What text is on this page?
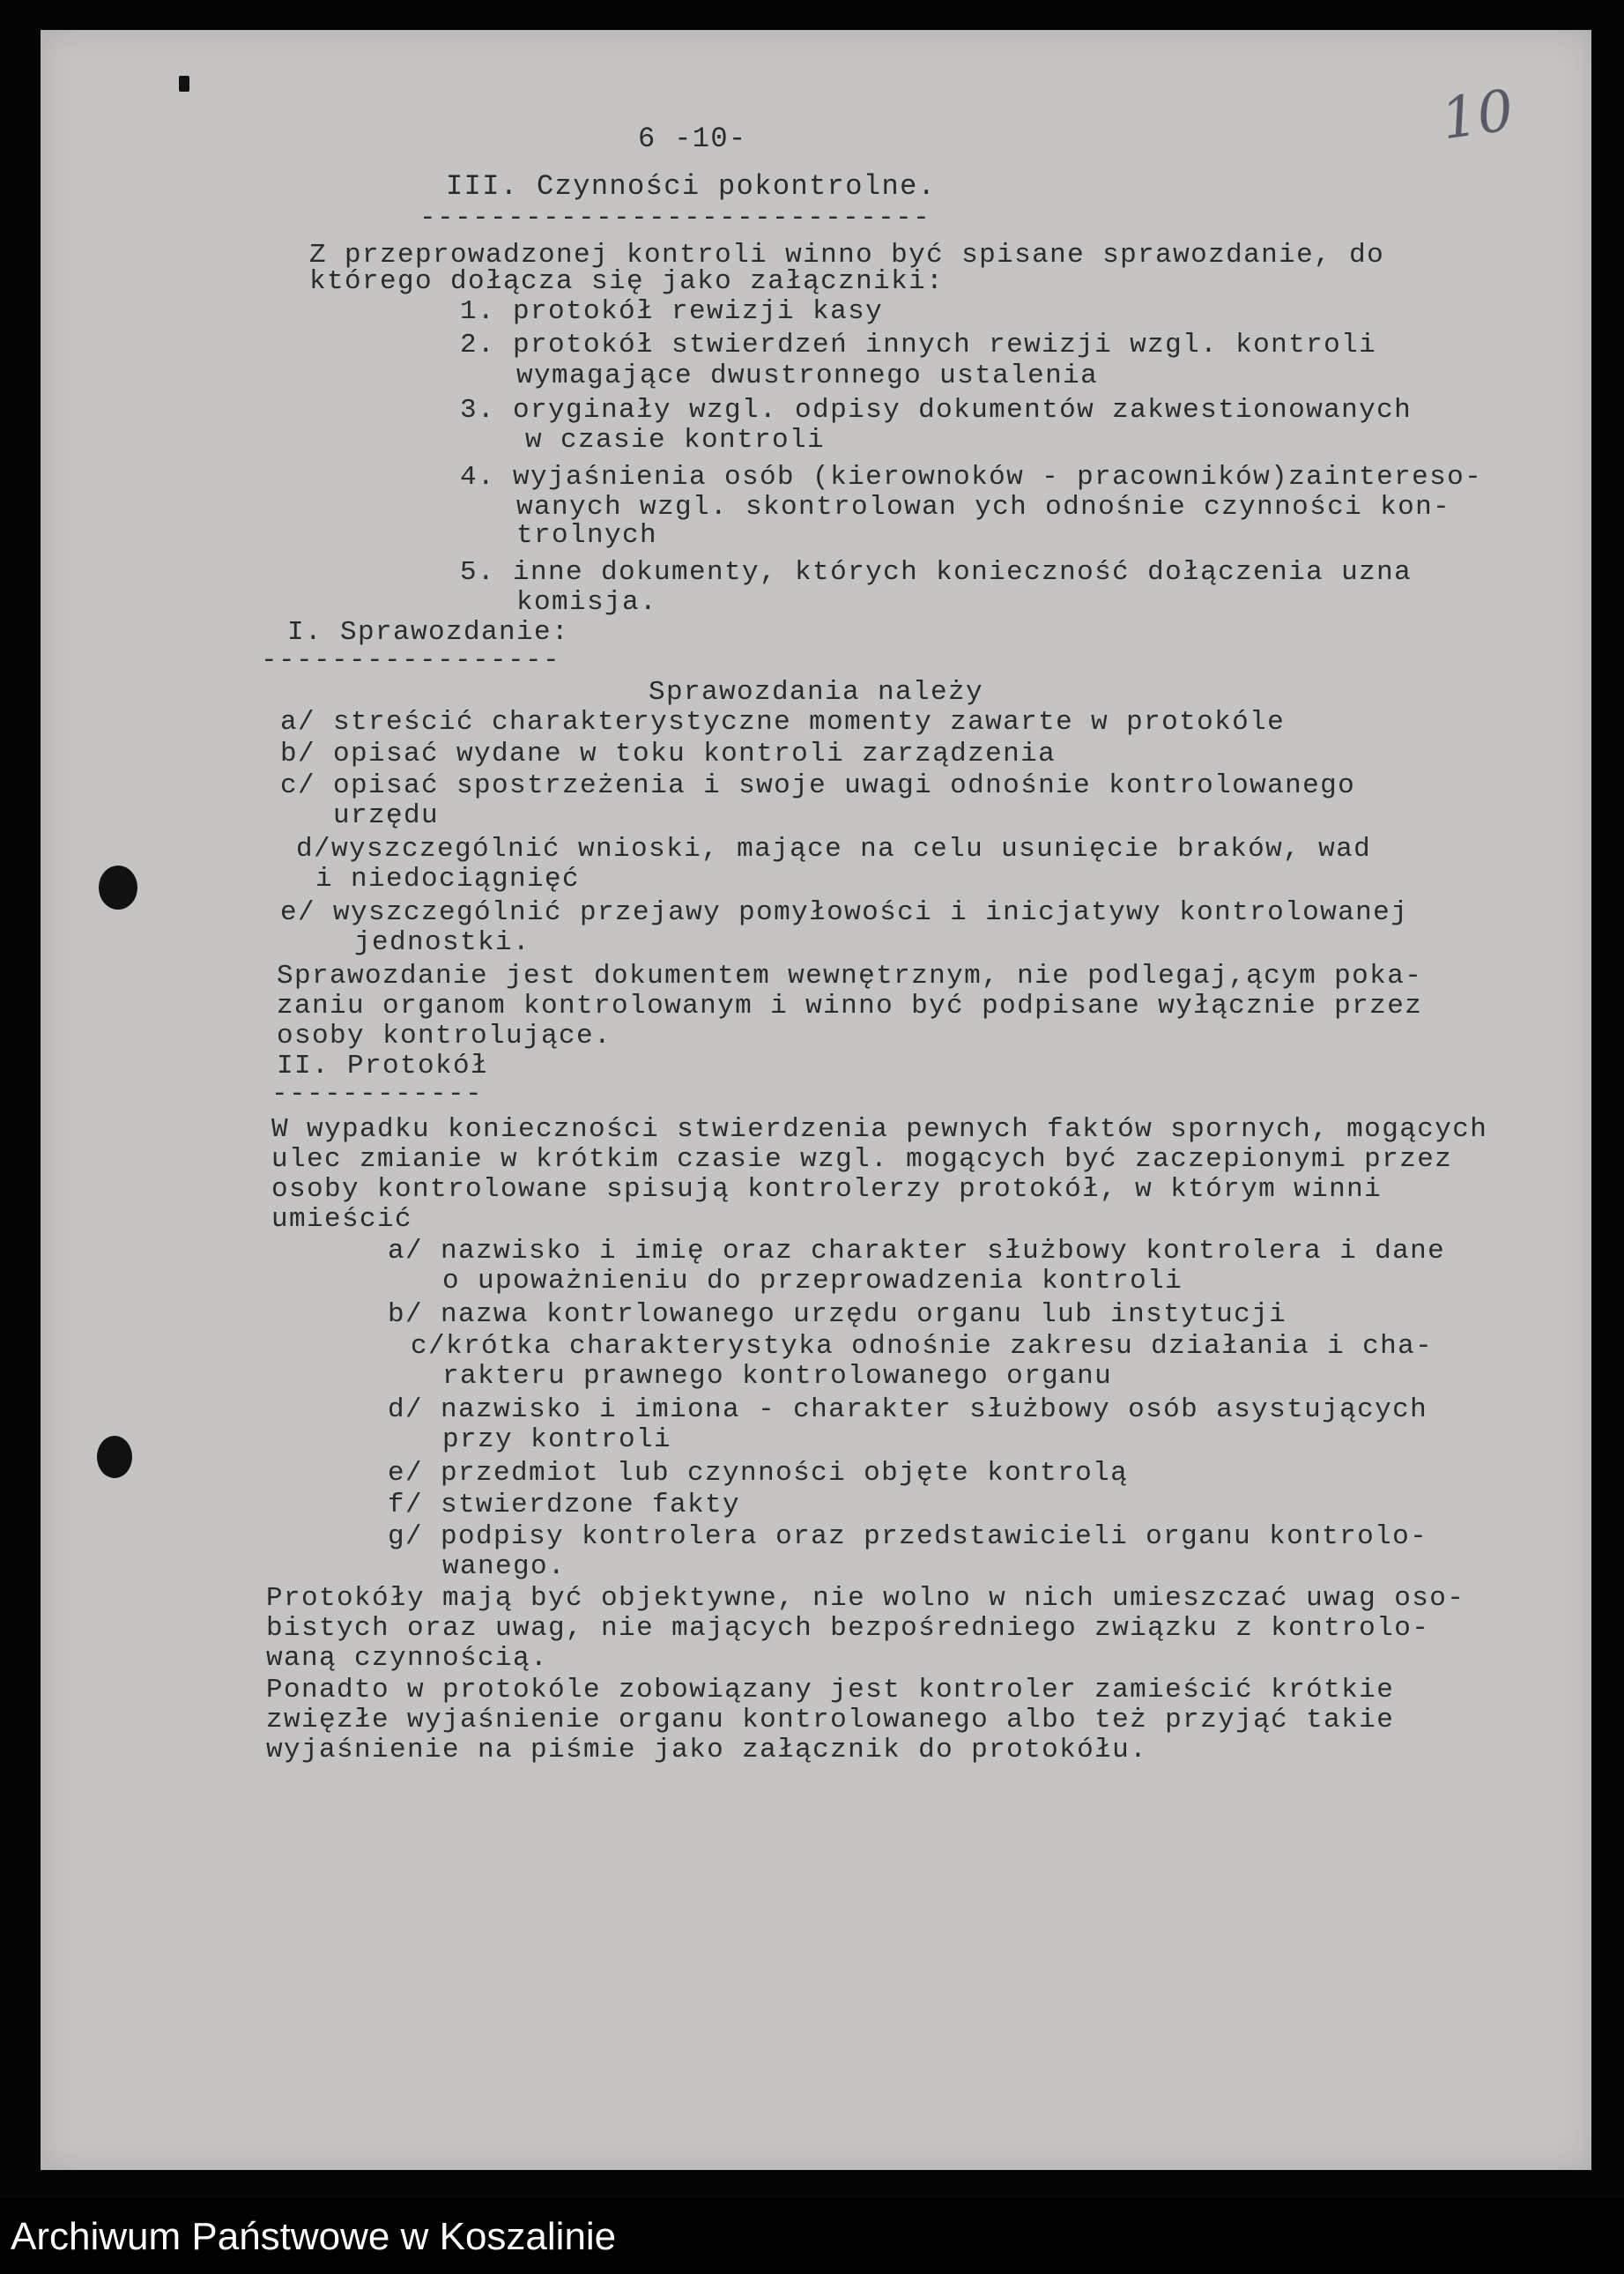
10
6 -10-
III. Czynności pokontrolne.
-----------------------------
Z przeprowadzonej kontroli winno być spisane sprawozdanie, do
którego dołącza się jako załączniki:
1. protokół rewizji kasy
2. protokół stwierdzeń innych rewizji wzgl. kontroli
wymagające dwustronnego ustalenia
3. oryginały wzgl. odpisy dokumentów zakwestionowanych
w czasie kontroli
4. wyjaśnienia osób (kierownoków - pracowników)zaintereso-
wanych wzgl. skontrolowan ych odnośnie czynności kon-
trolnych
5. inne dokumenty, których konieczność dołączenia uzna
komisja.
I. Sprawozdanie:
-----------------
Sprawozdania należy
a/ streścić charakterystyczne momenty zawarte w protokóle
b/ opisać wydane w toku kontroli zarządzenia
c/ opisać spostrzeżenia i swoje uwagi odnośnie kontrolowanego
urzędu
d/wyszczególnić wnioski, mające na celu usunięcie braków, wad
i niedociągnięć
e/ wyszczególnić przejawy pomyłowości i inicjatywy kontrolowanej
jednostki.
Sprawozdanie jest dokumentem wewnętrznym, nie podlegaj,ącym poka-
zaniu organom kontrolowanym i winno być podpisane wyłącznie przez
osoby kontrolujące.
II. Protokół
------------
W wypadku konieczności stwierdzenia pewnych faktów spornych, mogących
ulec zmianie w krótkim czasie wzgl. mogących być zaczepionymi przez
osoby kontrolowane spisują kontrolerzy protokół, w którym winni
umieścić
a/ nazwisko i imię oraz charakter służbowy kontrolera i dane
o upoważnieniu do przeprowadzenia kontroli
b/ nazwa kontrlowanego urzędu organu lub instytucji
c/krótka charakterystyka odnośnie zakresu działania i cha-
rakteru prawnego kontrolowanego organu
d/ nazwisko i imiona - charakter służbowy osób asystujących
przy kontroli
e/ przedmiot lub czynności objęte kontrolą
f/ stwierdzone fakty
g/ podpisy kontrolera oraz przedstawicieli organu kontrolo-
wanego.
Protokóły mają być objektywne, nie wolno w nich umieszczać uwag oso-
bistych oraz uwag, nie mających bezpośredniego związku z kontrolo-
waną czynnością.
Ponadto w protokóle zobowiązany jest kontroler zamieścić krótkie
zwięzłe wyjaśnienie organu kontrolowanego albo też przyjąć takie
wyjaśnienie na piśmie jako załącznik do protokółu.
Archiwum Państwowe w Koszalinie
